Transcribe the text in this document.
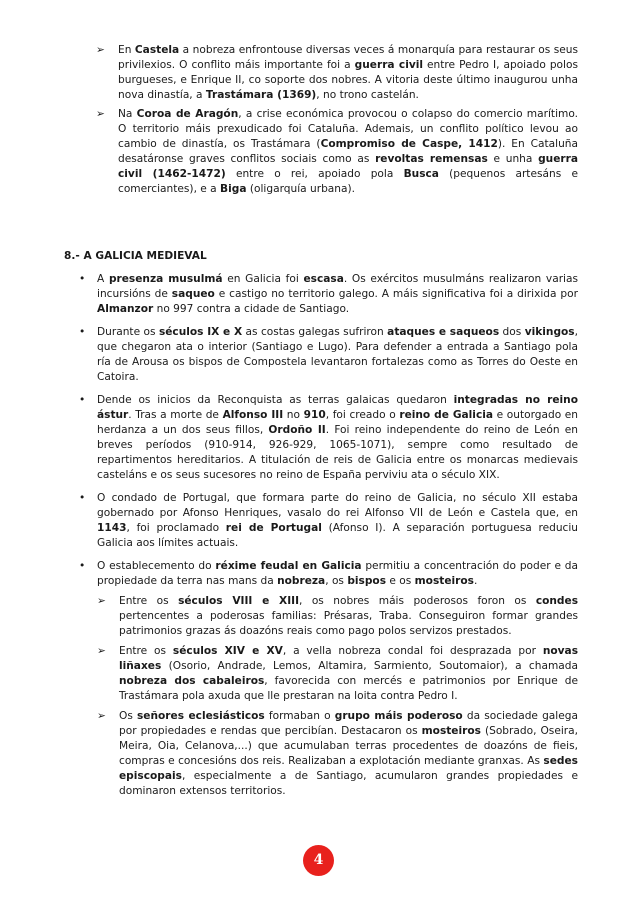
➢ En Castela a nobreza enfrontouse diversas veces á monarquía para restaurar os seus privilexios. O conflito máis importante foi a guerra civil entre Pedro I, apoiado polos burgueses, e Enrique II, co soporte dos nobres. A vitoria deste último inaugurou unha nova dinastía, a Trastámara (1369), no trono castelán.
➢ Na Coroa de Aragón, a crise económica provocou o colapso do comercio marítimo. O territorio máis prexudicado foi Cataluña. Ademais, un conflito político levou ao cambio de dinastía, os Trastámara (Compromiso de Caspe, 1412). En Cataluña desatáronse graves conflitos sociais como as revoltas remensas e unha guerra civil (1462-1472) entre o rei, apoiado pola Busca (pequenos artesáns e comerciantes), e a Biga (oligarquía urbana).
8.- A GALICIA MEDIEVAL
• A presenza musulmá en Galicia foi escasa. Os exércitos musulmáns realizaron varias incursións de saqueo e castigo no territorio galego. A máis significativa foi a dirixida por Almanzor no 997 contra a cidade de Santiago.
• Durante os séculos IX e X as costas galegas sufriron ataques e saqueos dos vikingos, que chegaron ata o interior (Santiago e Lugo). Para defender a entrada a Santiago pola ría de Arousa os bispos de Compostela levantaron fortalezas como as Torres do Oeste en Catoira.
• Dende os inicios da Reconquista as terras galaicas quedaron integradas no reino ástur. Tras a morte de Alfonso III no 910, foi creado o reino de Galicia e outorgado en herdanza a un dos seus fillos, Ordoño II. Foi reino independente do reino de León en breves períodos (910-914, 926-929, 1065-1071), sempre como resultado de repartimentos hereditarios. A titulación de reis de Galicia entre os monarcas medievais casteláns e os seus sucesores no reino de España perviviu ata o século XIX.
• O condado de Portugal, que formara parte do reino de Galicia, no século XII estaba gobernado por Afonso Henriques, vasalo do rei Alfonso VII de León e Castela que, en 1143, foi proclamado rei de Portugal (Afonso I). A separación portuguesa reduciu Galicia aos límites actuais.
• O establecemento do réxime feudal en Galicia permitiu a concentración do poder e da propiedade da terra nas mans da nobreza, os bispos e os mosteiros.
➢ Entre os séculos VIII e XIII, os nobres máis poderosos foron os condes pertencentes a poderosas familias: Présaras, Traba. Conseguiron formar grandes patrimonios grazas ás doazóns reais como pago polos servizos prestados.
➢ Entre os séculos XIV e XV, a vella nobreza condal foi desprazada por novas liñaxes (Osorio, Andrade, Lemos, Altamira, Sarmiento, Soutomaior), a chamada nobreza dos cabaleiros, favorecida con mercés e patrimonios por Enrique de Trastámara pola axuda que lle prestaran na loita contra Pedro I.
➢ Os señores eclesiásticos formaban o grupo máis poderoso da sociedade galega por propiedades e rendas que percibían. Destacaron os mosteiros (Sobrado, Oseira, Meira, Oia, Celanova,...) que acumulaban terras procedentes de doazóns de fieis, compras e concesións dos reis. Realizaban a explotación mediante granxas. As sedes episcopais, especialmente a de Santiago, acumularon grandes propiedades e dominaron extensos territorios.
4
